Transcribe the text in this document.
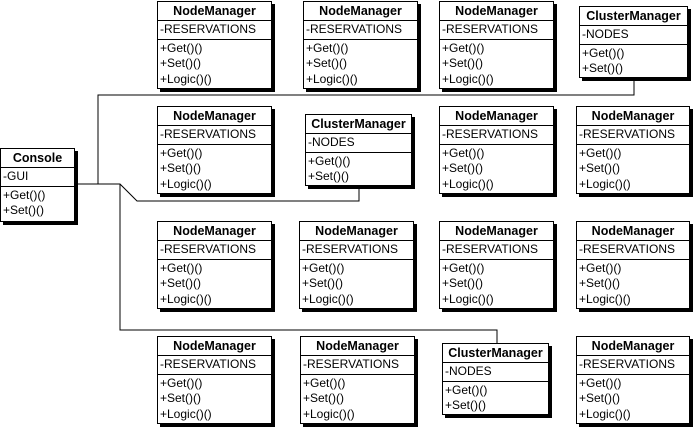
Console
-GUI
+Get()()
+Set()()
NodeManager
-RESERVATIONS
+Get()()
+Set()()
+Logic()()
NodeManager
-RESERVATIONS
+Get()()
+Set()()
+Logic()()
NodeManager
-RESERVATIONS
+Get()()
+Set()()
+Logic()()
ClusterManager
-NODES
+Get()()
+Set()()
NodeManager
-RESERVATIONS
+Get()()
+Set()()
+Logic()()
ClusterManager
-NODES
+Get()()
+Set()()
NodeManager
-RESERVATIONS
+Get()()
+Set()()
+Logic()()
NodeManager
-RESERVATIONS
+Get()()
+Set()()
+Logic()()
NodeManager
-RESERVATIONS
+Get()()
+Set()()
+Logic()()
NodeManager
-RESERVATIONS
+Get()()
+Set()()
+Logic()()
NodeManager
-RESERVATIONS
+Get()()
+Set()()
+Logic()()
NodeManager
-RESERVATIONS
+Get()()
+Set()()
+Logic()()
NodeManager
-RESERVATIONS
+Get()()
+Set()()
+Logic()()
NodeManager
-RESERVATIONS
+Get()()
+Set()()
+Logic()()
ClusterManager
-NODES
+Get()()
+Set()()
NodeManager
-RESERVATIONS
+Get()()
+Set()()
+Logic()()
